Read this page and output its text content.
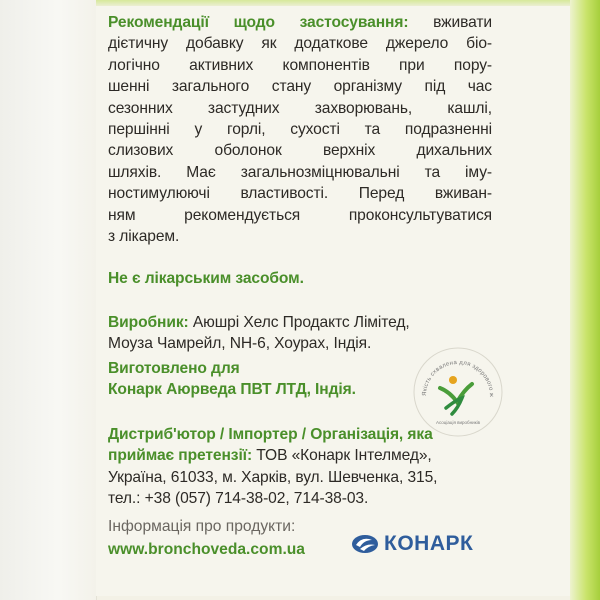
Рекомендації щодо застосування: вживати
дієтичну добавку як додаткове джерело біо-
логічно активних компонентів при пору-
шенні загального стану організму під час
сезонних застудних захворювань, кашлі,
першінні у горлі, сухості та подразненні
слизових оболонок верхніх дихальних
шляхів. Має загальнозміцнювальні та іму-
ностимулюючі властивості. Перед вживан-
ням рекомендується проконсультуватися
з лікарем.
Не є лікарським засобом.
Виробник: Аюшрі Хелс Продактс Лімітед,
Моуза Чамрейл, NH-6, Хоурах, Індія.
Виготовлено для
Конарк Аюрведа ПВТ ЛТД, Індія.	Якість схвалена для здорового ж
Асоціація виробників
Дистриб'ютор / Імпортер / Організація, яка
приймає претензії: ТОВ «Конарк Інтелмед»,
Україна, 61033, м. Харків, вул. Шевченка, 315,
тел.: +38 (057) 714-38-02, 714-38-03.
Інформація про продукти:
www.bronchoveda.com.ua	КОНАРК
